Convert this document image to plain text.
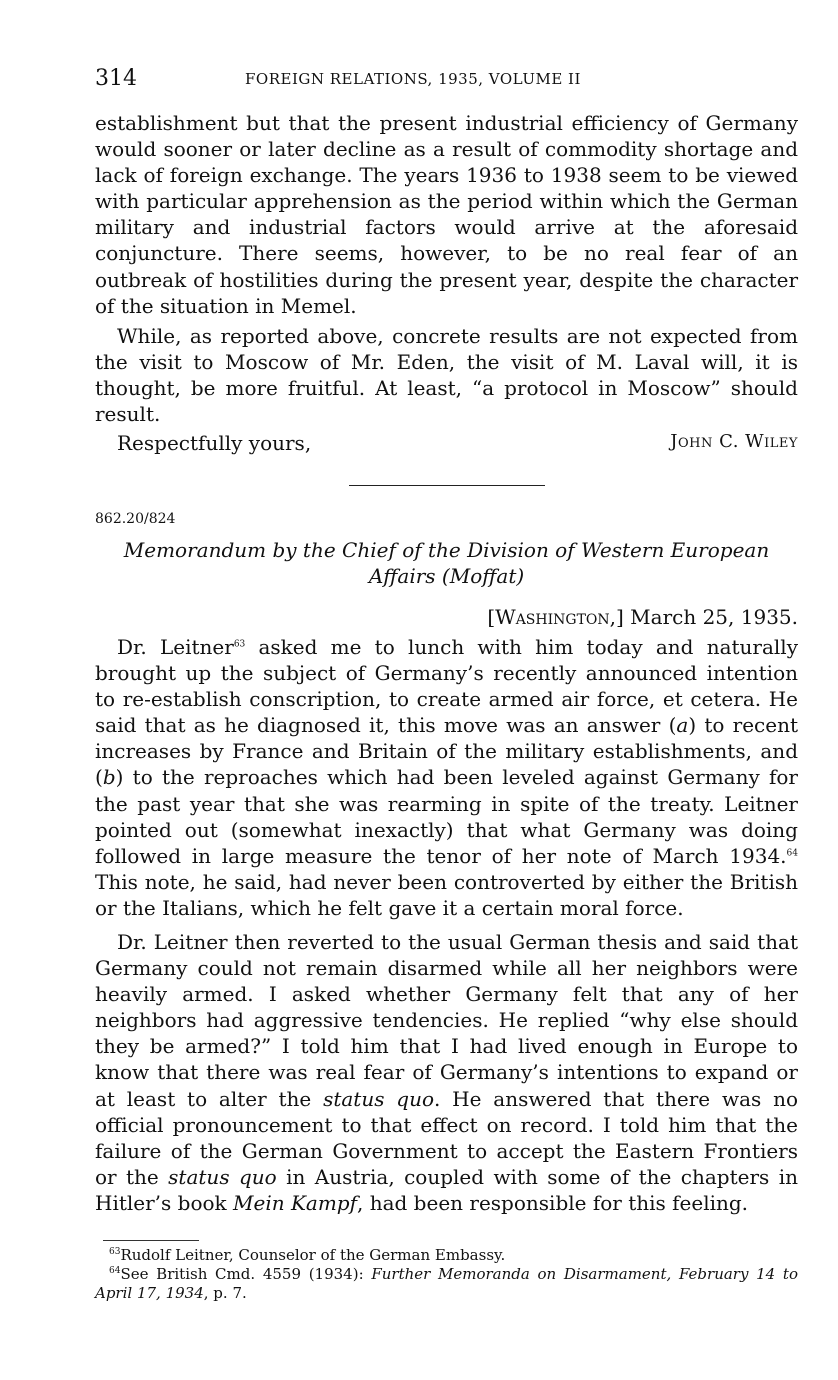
314	FOREIGN RELATIONS, 1935, VOLUME II

establishment but that the present industrial efficiency of Germany would sooner or later decline as a result of commodity shortage and lack of foreign exchange. The years 1936 to 1938 seem to be viewed with particular apprehension as the period within which the German military and industrial factors would arrive at the aforesaid conjuncture. There seems, however, to be no real fear of an outbreak of hostilities during the present year, despite the character of the situation in Memel.

While, as reported above, concrete results are not expected from the visit to Moscow of Mr. Eden, the visit of M. Laval will, it is thought, be more fruitful. At least, “a protocol in Moscow” should result.

Respectfully yours,	John C. Wiley
862.20/824
Memorandum by the Chief of the Division of Western European Affairs (Moffat)
[Washington,] March 25, 1935.

Dr. Leitner$^{63}$ asked me to lunch with him today and naturally brought up the subject of Germany’s recently announced intention to re-establish conscription, to create armed air force, et cetera. He said that as he diagnosed it, this move was an answer (a) to recent increases by France and Britain of the military establishments, and (b) to the reproaches which had been leveled against Germany for the past year that she was rearming in spite of the treaty. Leitner pointed out (somewhat inexactly) that what Germany was doing followed in large measure the tenor of her note of March 1934.64 This note, he said, had never been controverted by either the British or the Italians, which he felt gave it a certain moral force.

Dr. Leitner then reverted to the usual German thesis and said that Germany could not remain disarmed while all her neighbors were heavily armed. I asked whether Germany felt that any of her neighbors had aggressive tendencies. He replied “why else should they be armed?” I told him that I had lived enough in Europe to know that there was real fear of Germany’s intentions to expand or at least to alter the status quo. He answered that there was no official pronouncement to that effect on record. I told him that the failure of the German Government to accept the Eastern Frontiers or the status quo in Austria, coupled with some of the chapters in Hitler’s book Mein Kampf, had been responsible for this feeling.

$^{63}$Rudolf Leitner, Counselor of the German Embassy.
$^{64}$See British Cmd. 4559 (1934): Further Memoranda on Disarmament, February 14 to April 17, 1934, p. 7.
